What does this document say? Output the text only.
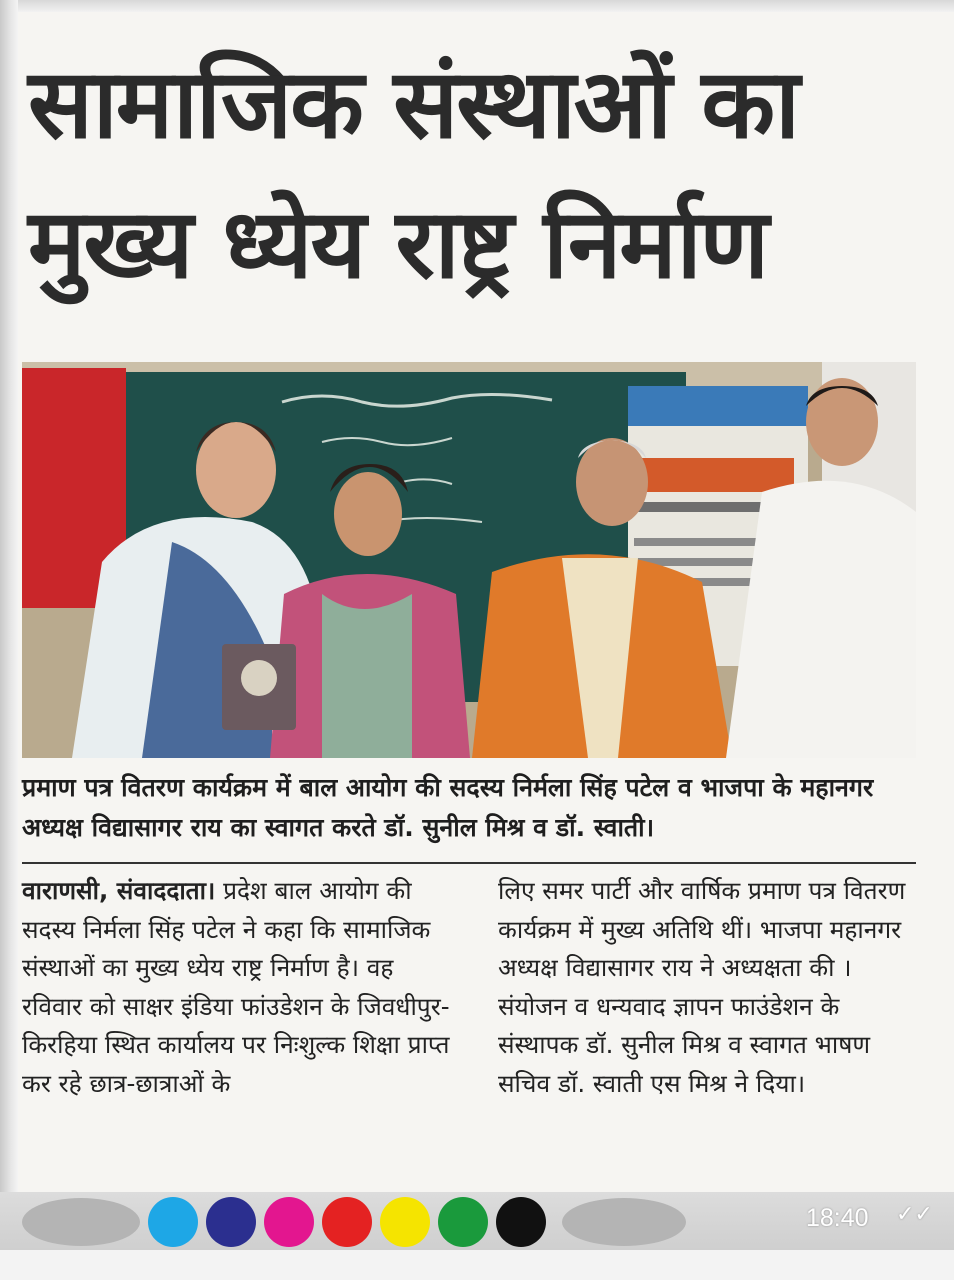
सामाजिक संस्थाओं का
मुख्य ध्येय राष्ट्र निर्माण

प्रमाण पत्र वितरण कार्यक्रम में बाल आयोग की सदस्य निर्मला सिंह पटेल व भाजपा के महानगर अध्यक्ष विद्यासागर राय का स्वागत करते डॉ. सुनील मिश्र व डॉ. स्वाती।

वाराणसी, संवाददाता। प्रदेश बाल आयोग की सदस्य निर्मला सिंह पटेल ने कहा कि सामाजिक संस्थाओं का मुख्य ध्येय राष्ट्र निर्माण है। वह रविवार को साक्षर इंडिया फांउडेशन के जिवधीपुर-किरहिया स्थित कार्यालय पर निःशुल्क शिक्षा प्राप्त कर रहे छात्र-छात्राओं के

लिए समर पार्टी और वार्षिक प्रमाण पत्र वितरण कार्यक्रम में मुख्य अतिथि थीं। भाजपा महानगर अध्यक्ष विद्यासागर राय ने अध्यक्षता की । संयोजन व धन्यवाद ज्ञापन फाउंडेशन के संस्थापक डॉ. सुनील मिश्र व स्वागत भाषण सचिव डॉ. स्वाती एस मिश्र ने दिया।

18:40 ✓✓
